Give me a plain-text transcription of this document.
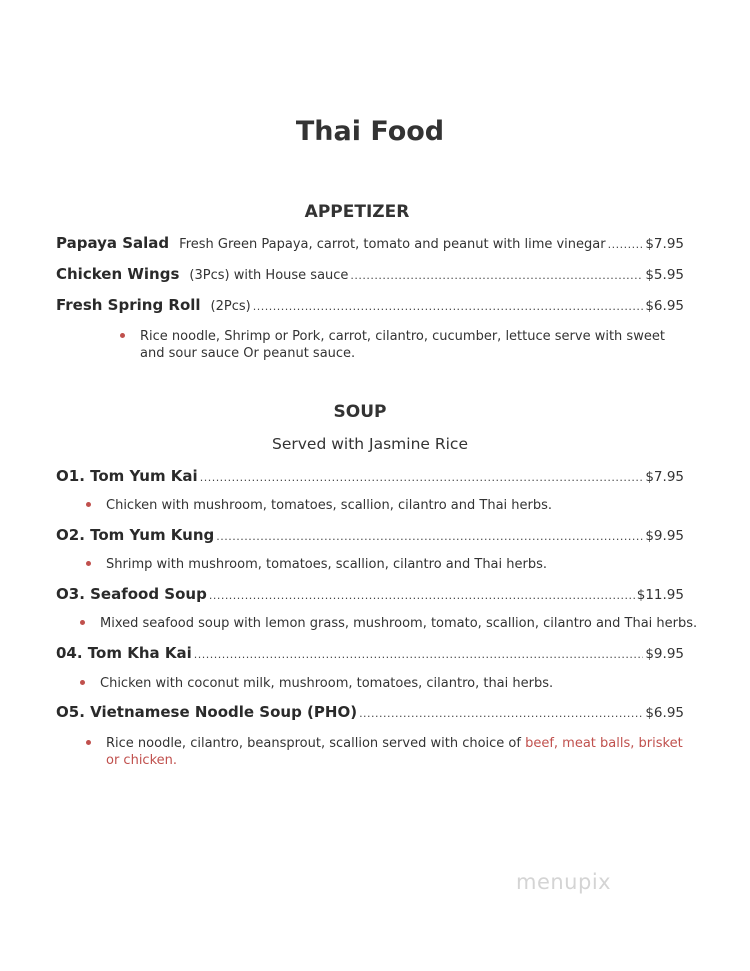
Thai Food
APPETIZER
Papaya Salad Fresh Green Papaya, carrot, tomato and peanut with lime vinegar .....	$7.95
Chicken Wings (3Pcs) with House sauce .....	$5.95
Fresh Spring Roll (2Pcs) .....	$6.95
Rice noodle, Shrimp or Pork, carrot, cilantro, cucumber, lettuce serve with sweet and sour sauce Or peanut sauce.
SOUP
Served with Jasmine Rice
O1. Tom Yum Kai .....	$7.95
Chicken with mushroom, tomatoes, scallion, cilantro and Thai herbs.
O2. Tom Yum Kung .....	$9.95
Shrimp with mushroom, tomatoes, scallion, cilantro and Thai herbs.
O3. Seafood Soup .....	$11.95
Mixed seafood soup with lemon grass, mushroom, tomato, scallion, cilantro and Thai herbs.
04. Tom Kha Kai .....	$9.95
Chicken with coconut milk, mushroom, tomatoes, cilantro, thai herbs.
O5. Vietnamese Noodle Soup (PHO) .....	$6.95
Rice noodle, cilantro, beansprout, scallion served with choice of beef, meat balls, brisket or chicken.
menupix
